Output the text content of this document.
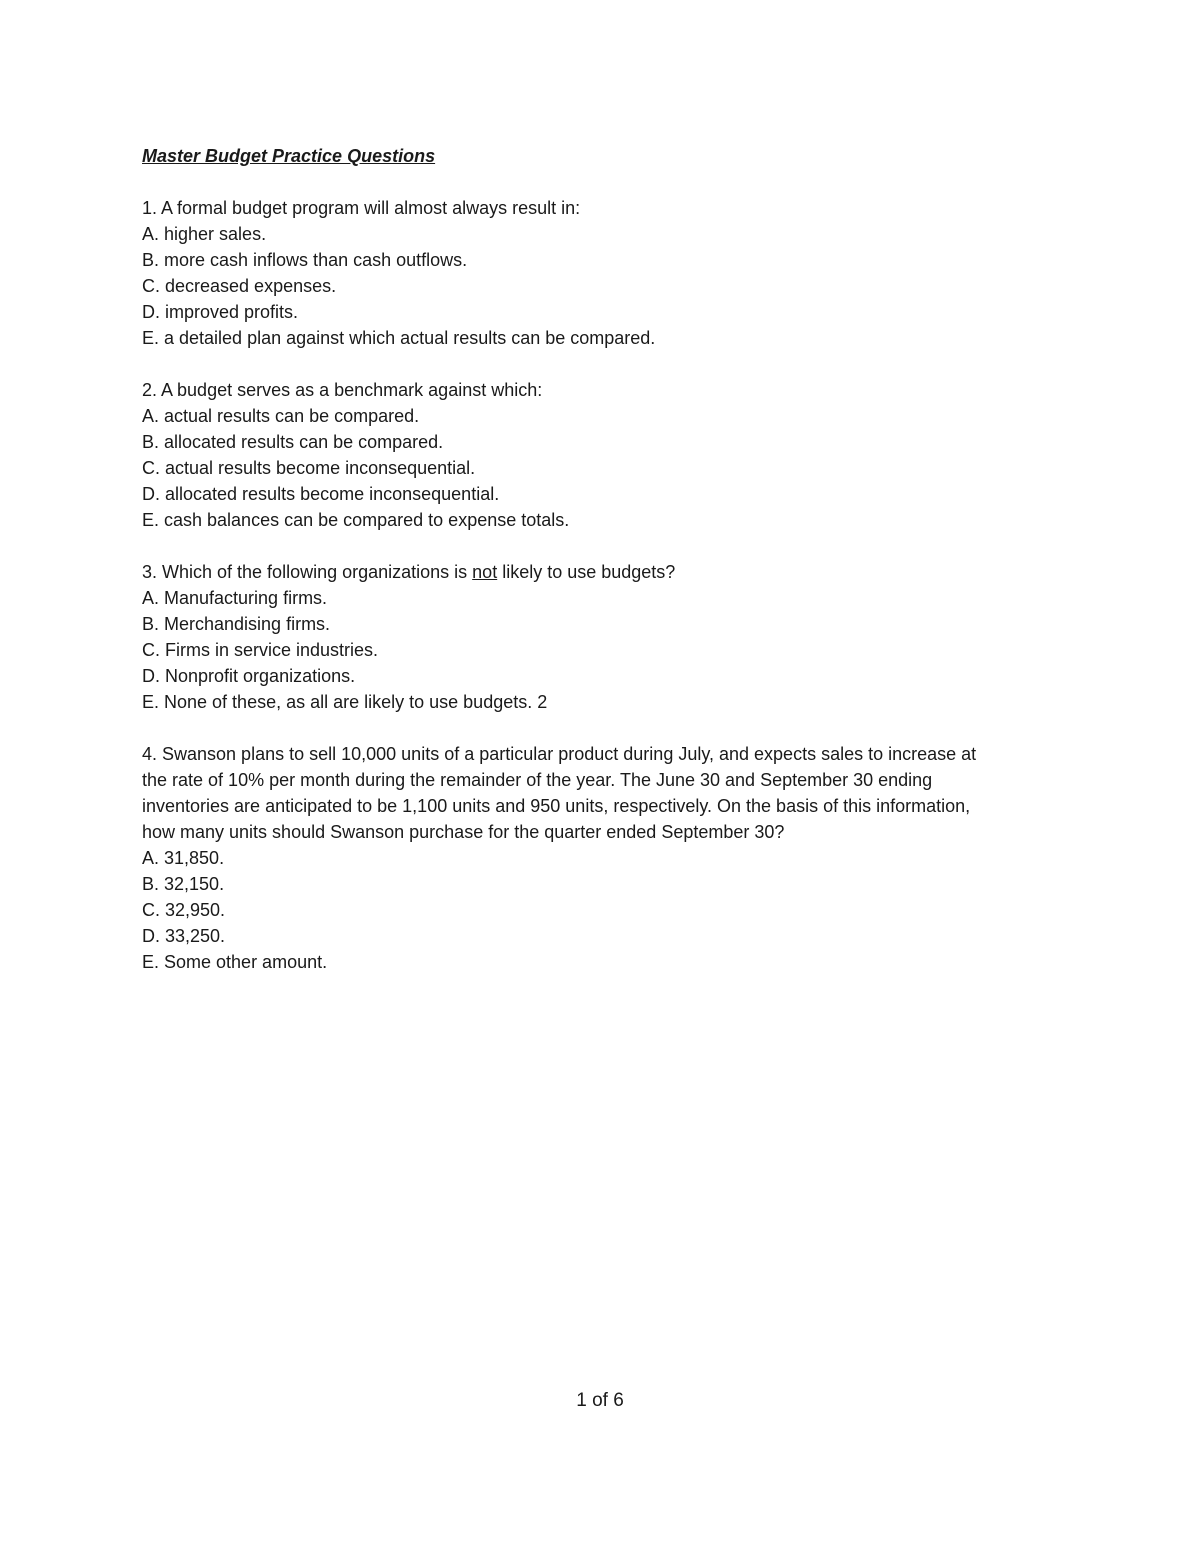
Master Budget Practice Questions
1. A formal budget program will almost always result in:
A. higher sales.
B. more cash inflows than cash outflows.
C. decreased expenses.
D. improved profits.
E. a detailed plan against which actual results can be compared.
2. A budget serves as a benchmark against which:
A. actual results can be compared.
B. allocated results can be compared.
C. actual results become inconsequential.
D. allocated results become inconsequential.
E. cash balances can be compared to expense totals.
3. Which of the following organizations is not likely to use budgets?
A. Manufacturing firms.
B. Merchandising firms.
C. Firms in service industries.
D. Nonprofit organizations.
E. None of these, as all are likely to use budgets. 2
4. Swanson plans to sell 10,000 units of a particular product during July, and expects sales to increase at
the rate of 10% per month during the remainder of the year. The June 30 and September 30 ending
inventories are anticipated to be 1,100 units and 950 units, respectively. On the basis of this information,
how many units should Swanson purchase for the quarter ended September 30?
A. 31,850.
B. 32,150.
C. 32,950.
D. 33,250.
E. Some other amount.
1 of 6
